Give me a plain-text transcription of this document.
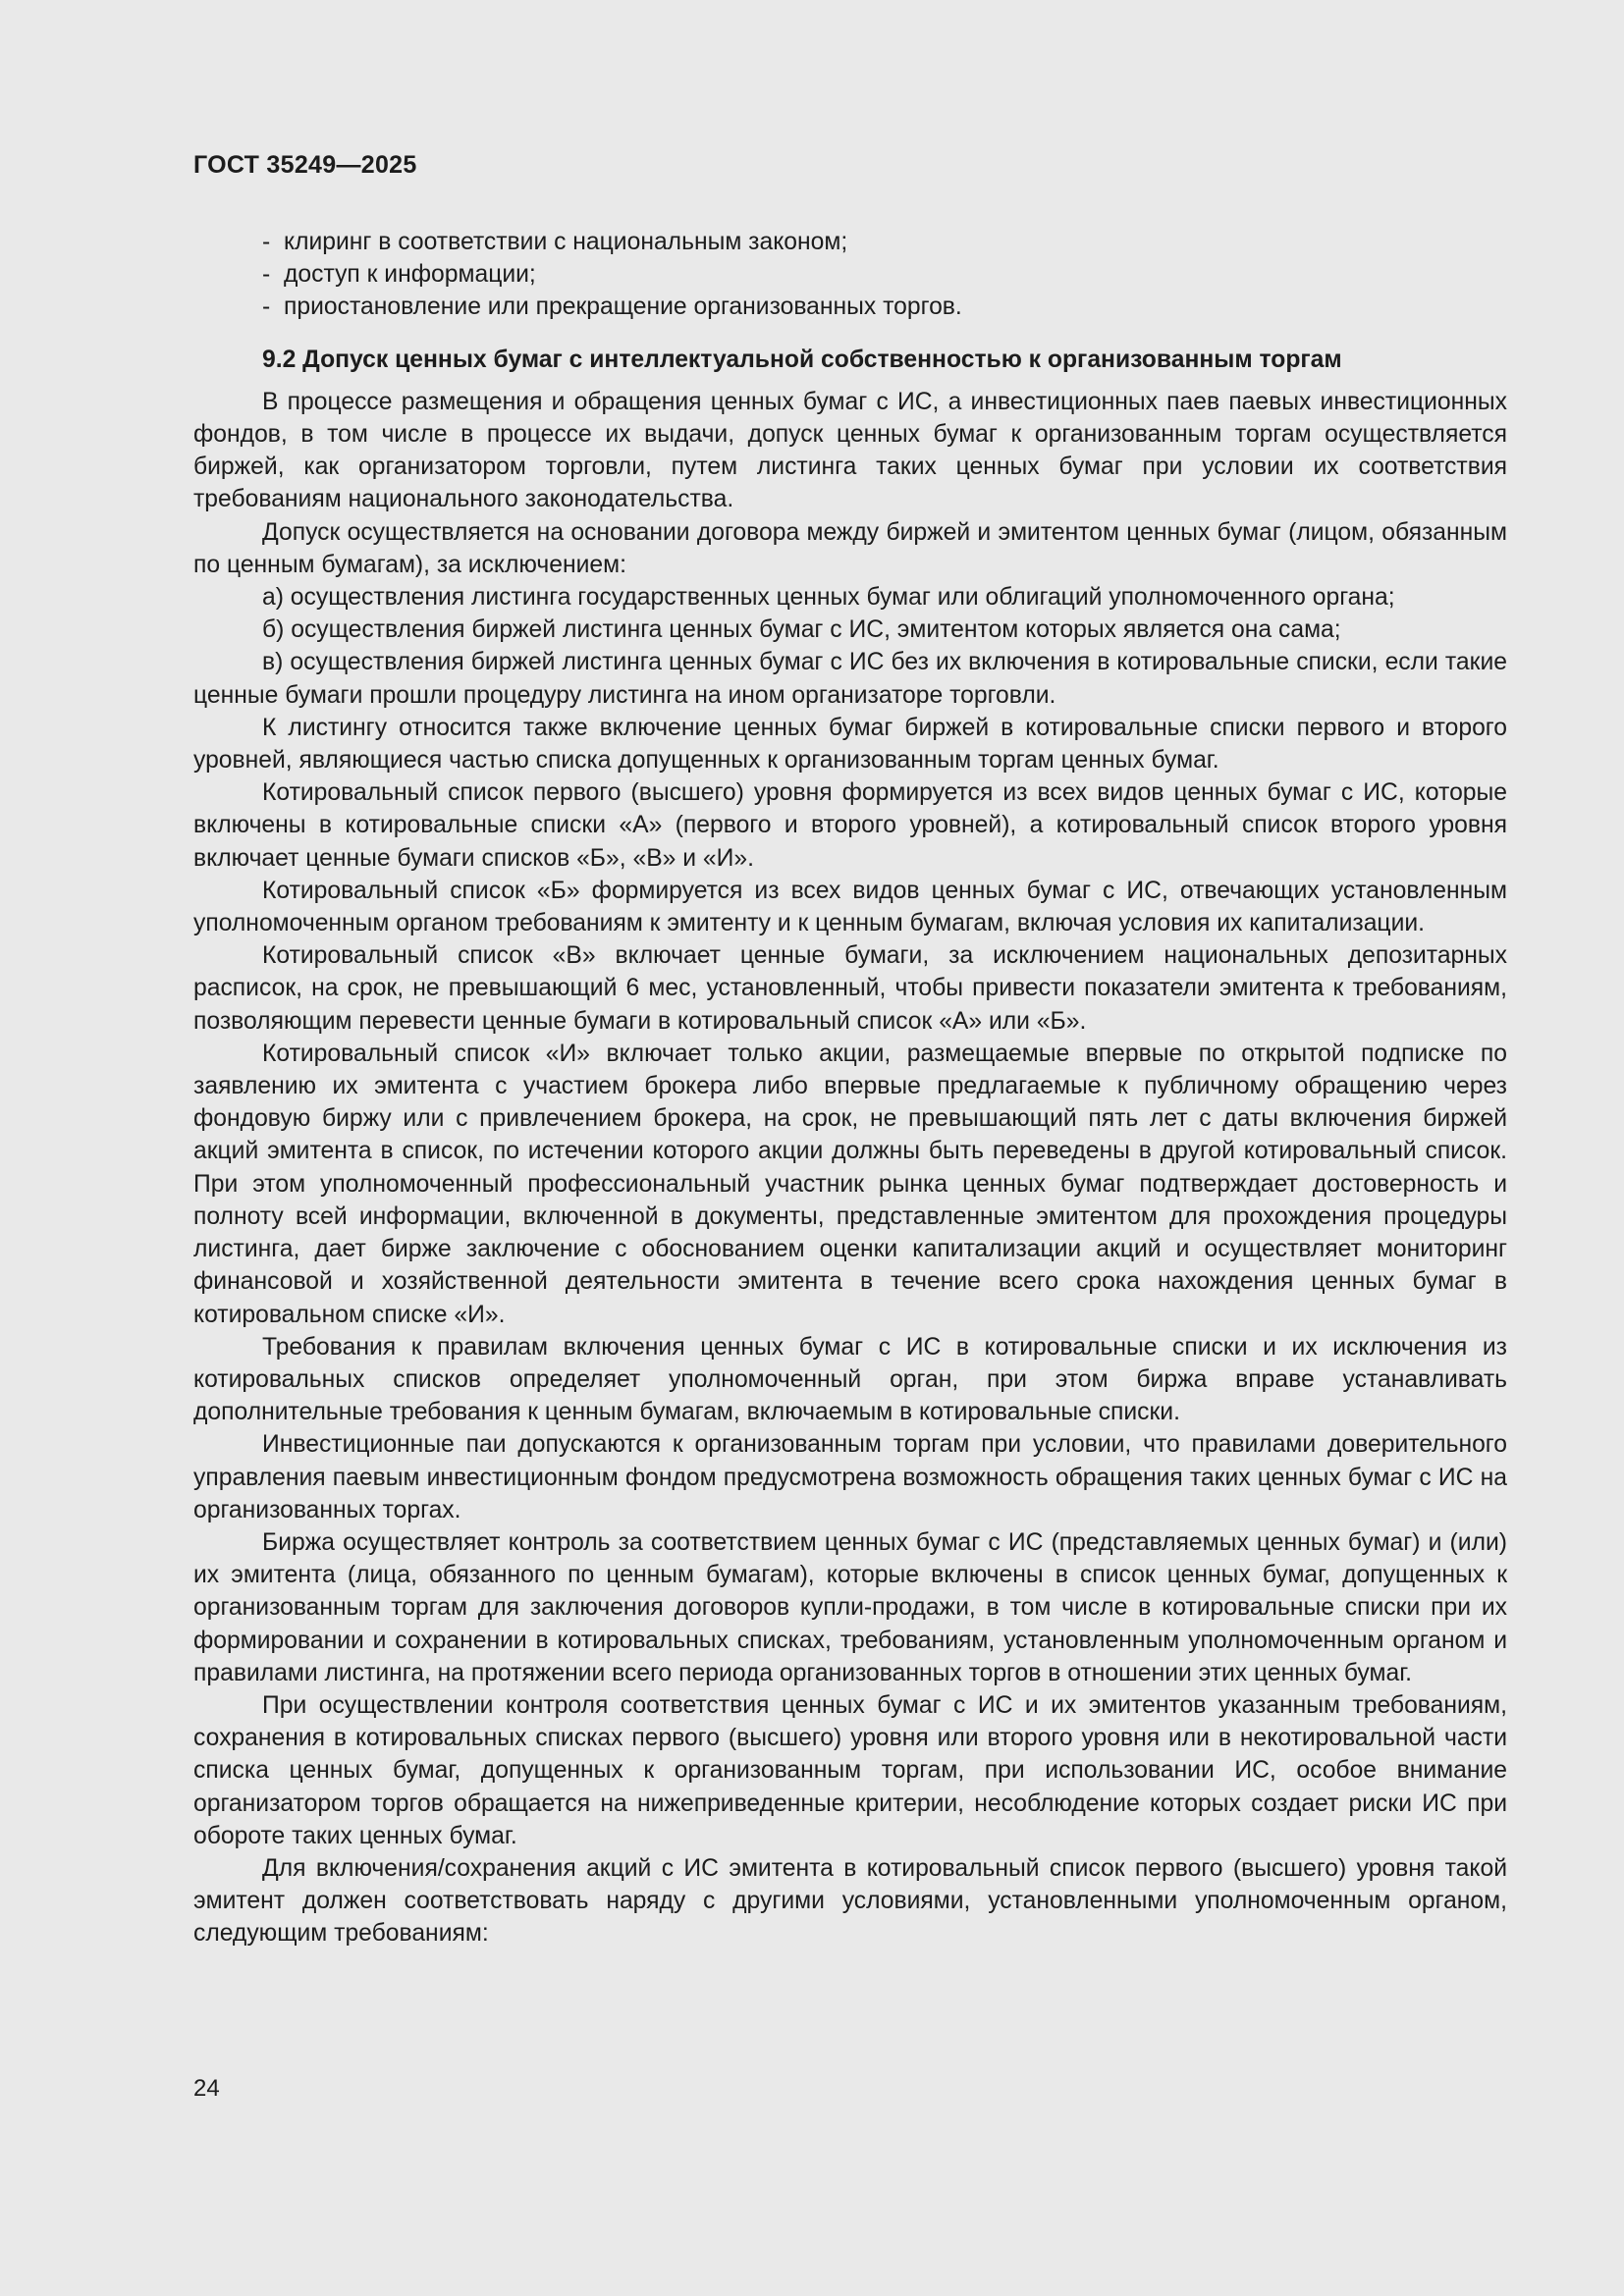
ГОСТ 35249—2025
- клиринг в соответствии с национальным законом;
- доступ к информации;
- приостановление или прекращение организованных торгов.
9.2 Допуск ценных бумаг с интеллектуальной собственностью к организованным торгам

В процессе размещения и обращения ценных бумаг с ИС, а инвестиционных паев паевых инвестиционных фондов, в том числе в процессе их выдачи, допуск ценных бумаг к организованным торгам осуществляется биржей, как организатором торговли, путем листинга таких ценных бумаг при условии их соответствия требованиям национального законодательства.

Допуск осуществляется на основании договора между биржей и эмитентом ценных бумаг (лицом, обязанным по ценным бумагам), за исключением:

а) осуществления листинга государственных ценных бумаг или облигаций уполномоченного органа;

б) осуществления биржей листинга ценных бумаг с ИС, эмитентом которых является она сама;

в) осуществления биржей листинга ценных бумаг с ИС без их включения в котировальные списки, если такие ценные бумаги прошли процедуру листинга на ином организаторе торговли.

К листингу относится также включение ценных бумаг биржей в котировальные списки первого и второго уровней, являющиеся частью списка допущенных к организованным торгам ценных бумаг.

Котировальный список первого (высшего) уровня формируется из всех видов ценных бумаг с ИС, которые включены в котировальные списки «А» (первого и второго уровней), а котировальный список второго уровня включает ценные бумаги списков «Б», «В» и «И».

Котировальный список «Б» формируется из всех видов ценных бумаг с ИС, отвечающих установленным уполномоченным органом требованиям к эмитенту и к ценным бумагам, включая условия их капитализации.

Котировальный список «В» включает ценные бумаги, за исключением национальных депозитарных расписок, на срок, не превышающий 6 мес, установленный, чтобы привести показатели эмитента к требованиям, позволяющим перевести ценные бумаги в котировальный список «А» или «Б».

Котировальный список «И» включает только акции, размещаемые впервые по открытой подписке по заявлению их эмитента с участием брокера либо впервые предлагаемые к публичному обращению через фондовую биржу или с привлечением брокера, на срок, не превышающий пять лет с даты включения биржей акций эмитента в список, по истечении которого акции должны быть переведены в другой котировальный список. При этом уполномоченный профессиональный участник рынка ценных бумаг подтверждает достоверность и полноту всей информации, включенной в документы, представленные эмитентом для прохождения процедуры листинга, дает бирже заключение с обоснованием оценки капитализации акций и осуществляет мониторинг финансовой и хозяйственной деятельности эмитента в течение всего срока нахождения ценных бумаг в котировальном списке «И».

Требования к правилам включения ценных бумаг с ИС в котировальные списки и их исключения из котировальных списков определяет уполномоченный орган, при этом биржа вправе устанавливать дополнительные требования к ценным бумагам, включаемым в котировальные списки.

Инвестиционные паи допускаются к организованным торгам при условии, что правилами доверительного управления паевым инвестиционным фондом предусмотрена возможность обращения таких ценных бумаг с ИС на организованных торгах.

Биржа осуществляет контроль за соответствием ценных бумаг с ИС (представляемых ценных бумаг) и (или) их эмитента (лица, обязанного по ценным бумагам), которые включены в список ценных бумаг, допущенных к организованным торгам для заключения договоров купли-продажи, в том числе в котировальные списки при их формировании и сохранении в котировальных списках, требованиям, установленным уполномоченным органом и правилами листинга, на протяжении всего периода организованных торгов в отношении этих ценных бумаг.

При осуществлении контроля соответствия ценных бумаг с ИС и их эмитентов указанным требованиям, сохранения в котировальных списках первого (высшего) уровня или второго уровня или в некотировальной части списка ценных бумаг, допущенных к организованным торгам, при использовании ИС, особое внимание организатором торгов обращается на нижеприведенные критерии, несоблюдение которых создает риски ИС при обороте таких ценных бумаг.

Для включения/сохранения акций с ИС эмитента в котировальный список первого (высшего) уровня такой эмитент должен соответствовать наряду с другими условиями, установленными уполномоченным органом, следующим требованиям:

24
